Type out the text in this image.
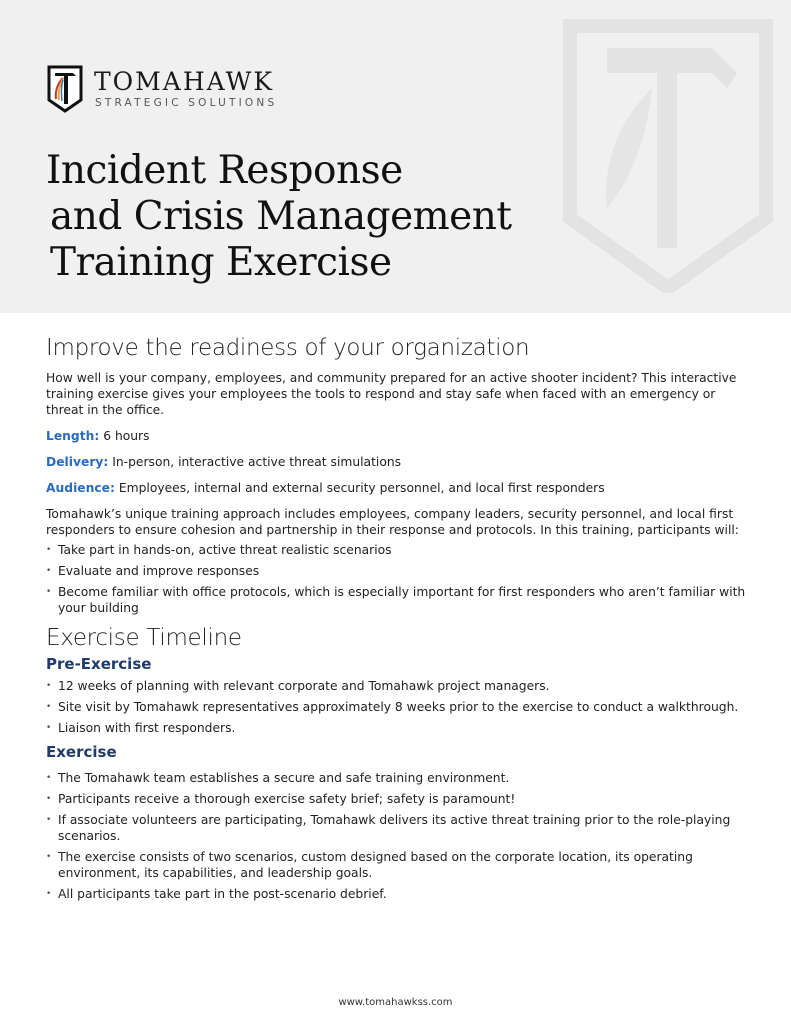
TOMAHAWK
STRATEGIC SOLUTIONS
Incident Response
and Crisis Management
Training Exercise
Improve the readiness of your organization

How well is your company, employees, and community prepared for an active shooter incident? This interactive training exercise gives your employees the tools to respond and stay safe when faced with an emergency or threat in the office.

Length: 6 hours

Delivery: In-person, interactive active threat simulations

Audience: Employees, internal and external security personnel, and local first responders

Tomahawk’s unique training approach includes employees, company leaders, security personnel, and local first responders to ensure cohesion and partnership in their response and protocols. In this training, participants will:

• Take part in hands-on, active threat realistic scenarios
• Evaluate and improve responses
• Become familiar with office protocols, which is especially important for first responders who aren’t familiar with your building
Exercise Timeline
Pre-Exercise
• 12 weeks of planning with relevant corporate and Tomahawk project managers.
• Site visit by Tomahawk representatives approximately 8 weeks prior to the exercise to conduct a walkthrough.
• Liaison with first responders.
Exercise
• The Tomahawk team establishes a secure and safe training environment.
• Participants receive a thorough exercise safety brief; safety is paramount!
• If associate volunteers are participating, Tomahawk delivers its active threat training prior to the role-playing scenarios.
• The exercise consists of two scenarios, custom designed based on the corporate location, its operating environment, its capabilities, and leadership goals.
• All participants take part in the post-scenario debrief.
www.tomahawkss.com
